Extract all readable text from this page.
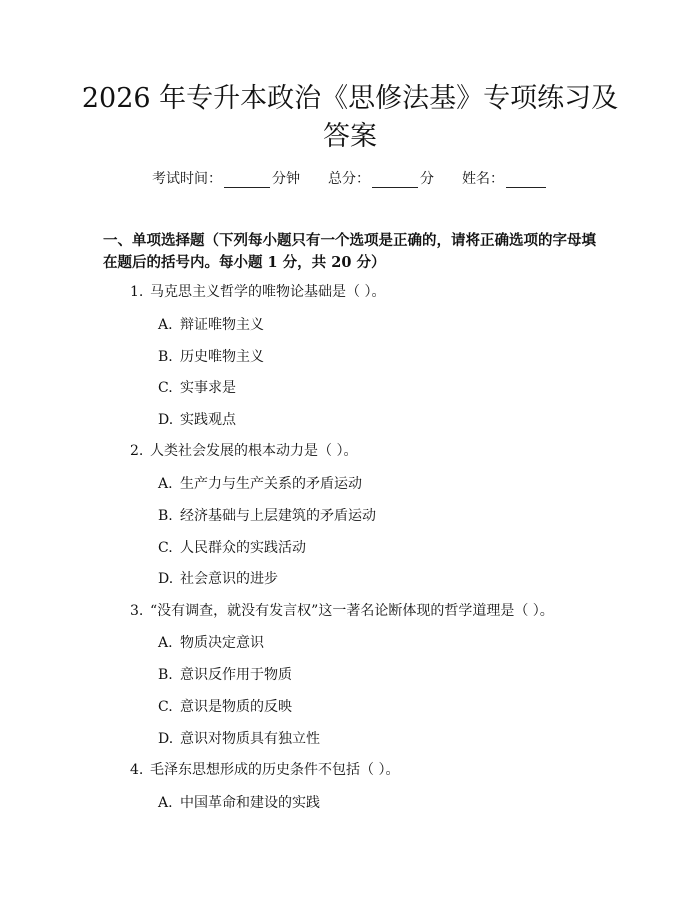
2026 年专升本政治《思修法基》专项练习及
答案
考试时间：	分钟 总分：	分 姓名：

一、单项选择题（下列每小题只有一个选项是正确的，请将正确选项的字母填在题后的括号内。每小题 1 分，共 20 分）

1. 马克思主义哲学的唯物论基础是（ ）。
A. 辩证唯物主义
B. 历史唯物主义
C. 实事求是
D. 实践观点
2. 人类社会发展的根本动力是（ ）。
A. 生产力与生产关系的矛盾运动
B. 经济基础与上层建筑的矛盾运动
C. 人民群众的实践活动
D. 社会意识的进步
3. “没有调查，就没有发言权”这一著名论断体现的哲学道理是（ ）。
A. 物质决定意识
B. 意识反作用于物质
C. 意识是物质的反映
D. 意识对物质具有独立性
4. 毛泽东思想形成的历史条件不包括（ ）。
A. 中国革命和建设的实践
